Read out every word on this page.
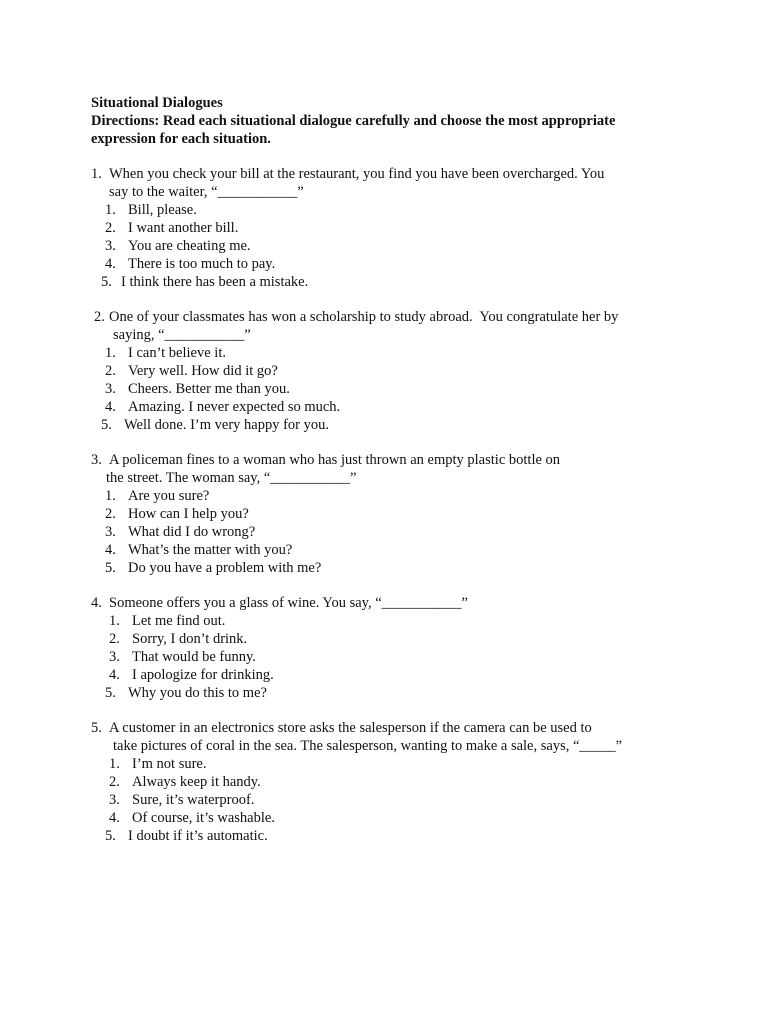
Situational Dialogues
Directions: Read each situational dialogue carefully and choose the most appropriate
expression for each situation.
1. When you check your bill at the restaurant, you find you have been overcharged. You
say to the waiter, “___________”
1. Bill, please.
2. I want another bill.
3. You are cheating me.
4. There is too much to pay.
5. I think there has been a mistake.
2. One of your classmates has won a scholarship to study abroad.  You congratulate her by
saying, “___________”
1. I can’t believe it.
2. Very well. How did it go?
3. Cheers. Better me than you.
4. Amazing. I never expected so much.
5. Well done. I’m very happy for you.
3. A policeman fines to a woman who has just thrown an empty plastic bottle on
the street. The woman say, “___________”
1. Are you sure?
2. How can I help you?
3. What did I do wrong?
4. What’s the matter with you?
5. Do you have a problem with me?
4. Someone offers you a glass of wine. You say, “___________”
1. Let me find out.
2. Sorry, I don’t drink.
3. That would be funny.
4. I apologize for drinking.
5. Why you do this to me?
5. A customer in an electronics store asks the salesperson if the camera can be used to
take pictures of coral in the sea. The salesperson, wanting to make a sale, says, “_____”
1. I’m not sure.
2. Always keep it handy.
3. Sure, it’s waterproof.
4. Of course, it’s washable.
5. I doubt if it’s automatic.
